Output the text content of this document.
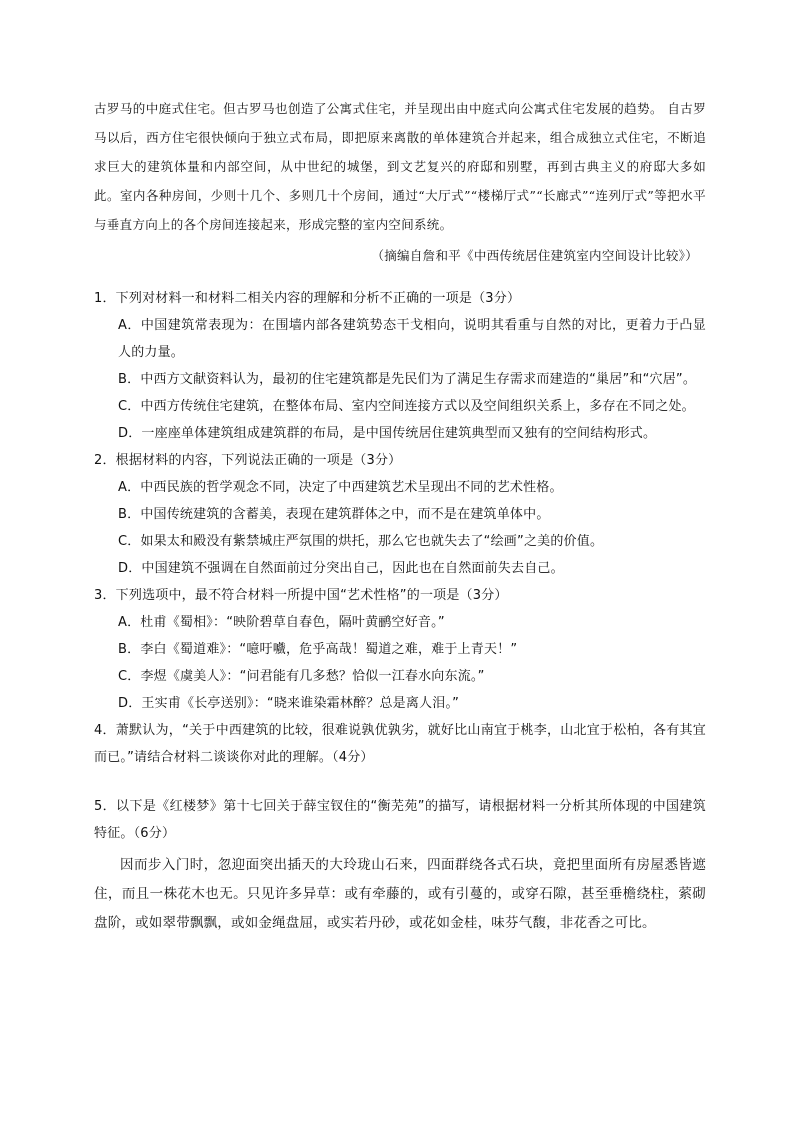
古罗马的中庭式住宅。但古罗马也创造了公寓式住宅，并呈现出由中庭式向公寓式住宅发展的趋势。 自古罗马以后，西方住宅很快倾向于独立式布局，即把原来离散的单体建筑合并起来，组合成独立式住宅，不断追求巨大的建筑体量和内部空间，从中世纪的城堡，到文艺复兴的府邸和别墅，再到古典主义的府邸大多如此。室内各种房间，少则十几个、多则几十个房间，通过“大厅式”“楼梯厅式”“长廊式”“连列厅式”等把水平与垂直方向上的各个房间连接起来，形成完整的室内空间系统。

（摘编自詹和平《中西传统居住建筑室内空间设计比较》）

1．下列对材料一和材料二相关内容的理解和分析不正确的一项是（3分）

A．中国建筑常表现为：在围墙内部各建筑势态干戈相向，说明其看重与自然的对比，更着力于凸显人的力量。

B．中西方文献资料认为，最初的住宅建筑都是先民们为了满足生存需求而建造的“巢居”和“穴居”。

C．中西方传统住宅建筑，在整体布局、室内空间连接方式以及空间组织关系上，多存在不同之处。

D．一座座单体建筑组成建筑群的布局，是中国传统居住建筑典型而又独有的空间结构形式。

2．根据材料的内容，下列说法正确的一项是（3分）

A．中西民族的哲学观念不同，决定了中西建筑艺术呈现出不同的艺术性格。

B．中国传统建筑的含蓄美，表现在建筑群体之中，而不是在建筑单体中。

C．如果太和殿没有紫禁城庄严氛围的烘托，那么它也就失去了“绘画”之美的价值。

D．中国建筑不强调在自然面前过分突出自己，因此也在自然面前失去自己。

3．下列选项中，最不符合材料一所提中国“艺术性格”的一项是（3分）

A．杜甫《蜀相》：“映阶碧草自春色，隔叶黄鹂空好音。”

B．李白《蜀道难》：“噫吁嚱，危乎高哉！蜀道之难，难于上青天！”

C．李煜《虞美人》：“问君能有几多愁？恰似一江春水向东流。”

D．王实甫《长亭送别》：“晓来谁染霜林醉？总是离人泪。”

4．萧默认为，“关于中西建筑的比较，很难说孰优孰劣，就好比山南宜于桃李，山北宜于松柏，各有其宜而已。”请结合材料二谈谈你对此的理解。（4分）

5．以下是《红楼梦》第十七回关于薛宝钗住的“衡芜苑”的描写，请根据材料一分析其所体现的中国建筑特征。（6分）

因而步入门时，忽迎面突出插天的大玲珑山石来，四面群绕各式石块，竟把里面所有房屋悉皆遮住，而且一株花木也无。只见许多异草：或有牵藤的，或有引蔓的，或穿石隙，甚至垂檐绕柱，萦砌盘阶，或如翠带飘飘，或如金绳盘屈，或实若丹砂，或花如金桂，味芬气馥，非花香之可比。
